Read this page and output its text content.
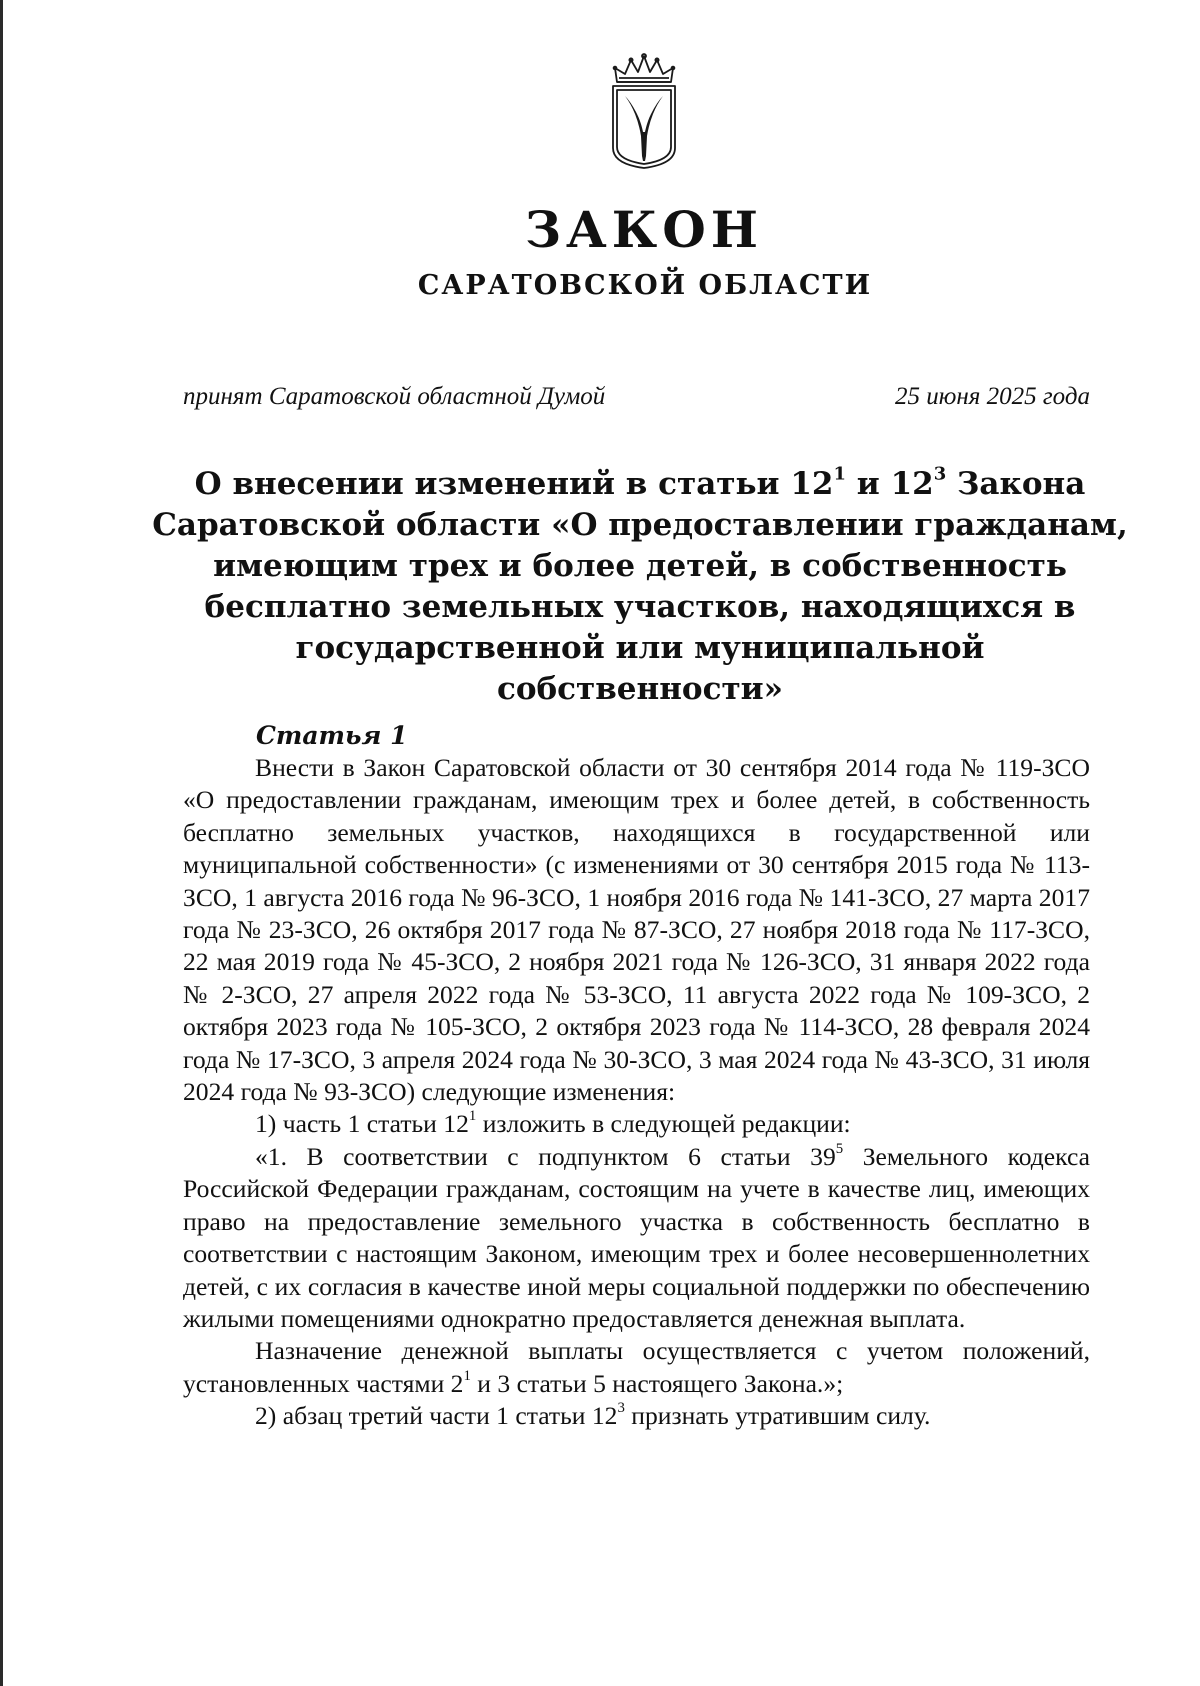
ЗАКОН
САРАТОВСКОЙ ОБЛАСТИ
принят Саратовской областной Думой	25 июня 2025 года
О внесении изменений в статьи $12^1$ и $12^3$ Закона Саратовской области «О предоставлении гражданам, имеющим трех и более детей, в собственность бесплатно земельных участков, находящихся в государственной или муниципальной собственности»
Статья 1

Внести в Закон Саратовской области от 30 сентября 2014 года № 119-ЗСО «О предоставлении гражданам, имеющим трех и более детей, в собственность бесплатно земельных участков, находящихся в государственной или муниципальной собственности» (с изменениями от 30 сентября 2015 года № 113-ЗСО, 1 августа 2016 года № 96-ЗСО, 1 ноября 2016 года № 141-ЗСО, 27 марта 2017 года № 23-ЗСО, 26 октября 2017 года № 87-ЗСО, 27 ноября 2018 года № 117-ЗСО, 22 мая 2019 года № 45-ЗСО, 2 ноября 2021 года № 126-ЗСО, 31 января 2022 года № 2-ЗСО, 27 апреля 2022 года № 53-ЗСО, 11 августа 2022 года № 109-ЗСО, 2 октября 2023 года № 105-ЗСО, 2 октября 2023 года № 114-ЗСО, 28 февраля 2024 года № 17-ЗСО, 3 апреля 2024 года № 30-ЗСО, 3 мая 2024 года № 43-ЗСО, 31 июля 2024 года № 93-ЗСО) следующие изменения:

1) часть 1 статьи $12^1$ изложить в следующей редакции:

«1. В соответствии с подпунктом 6 статьи $39^5$ Земельного кодекса Российской Федерации гражданам, состоящим на учете в качестве лиц, имеющих право на предоставление земельного участка в собственность бесплатно в соответствии с настоящим Законом, имеющим трех и более несовершеннолетних детей, с их согласия в качестве иной меры социальной поддержки по обеспечению жилыми помещениями однократно предоставляется денежная выплата.

Назначение денежной выплаты осуществляется с учетом положений, установленных частями $2^1$ и 3 статьи 5 настоящего Закона.»;

2) абзац третий части 1 статьи $12^3$ признать утратившим силу.
